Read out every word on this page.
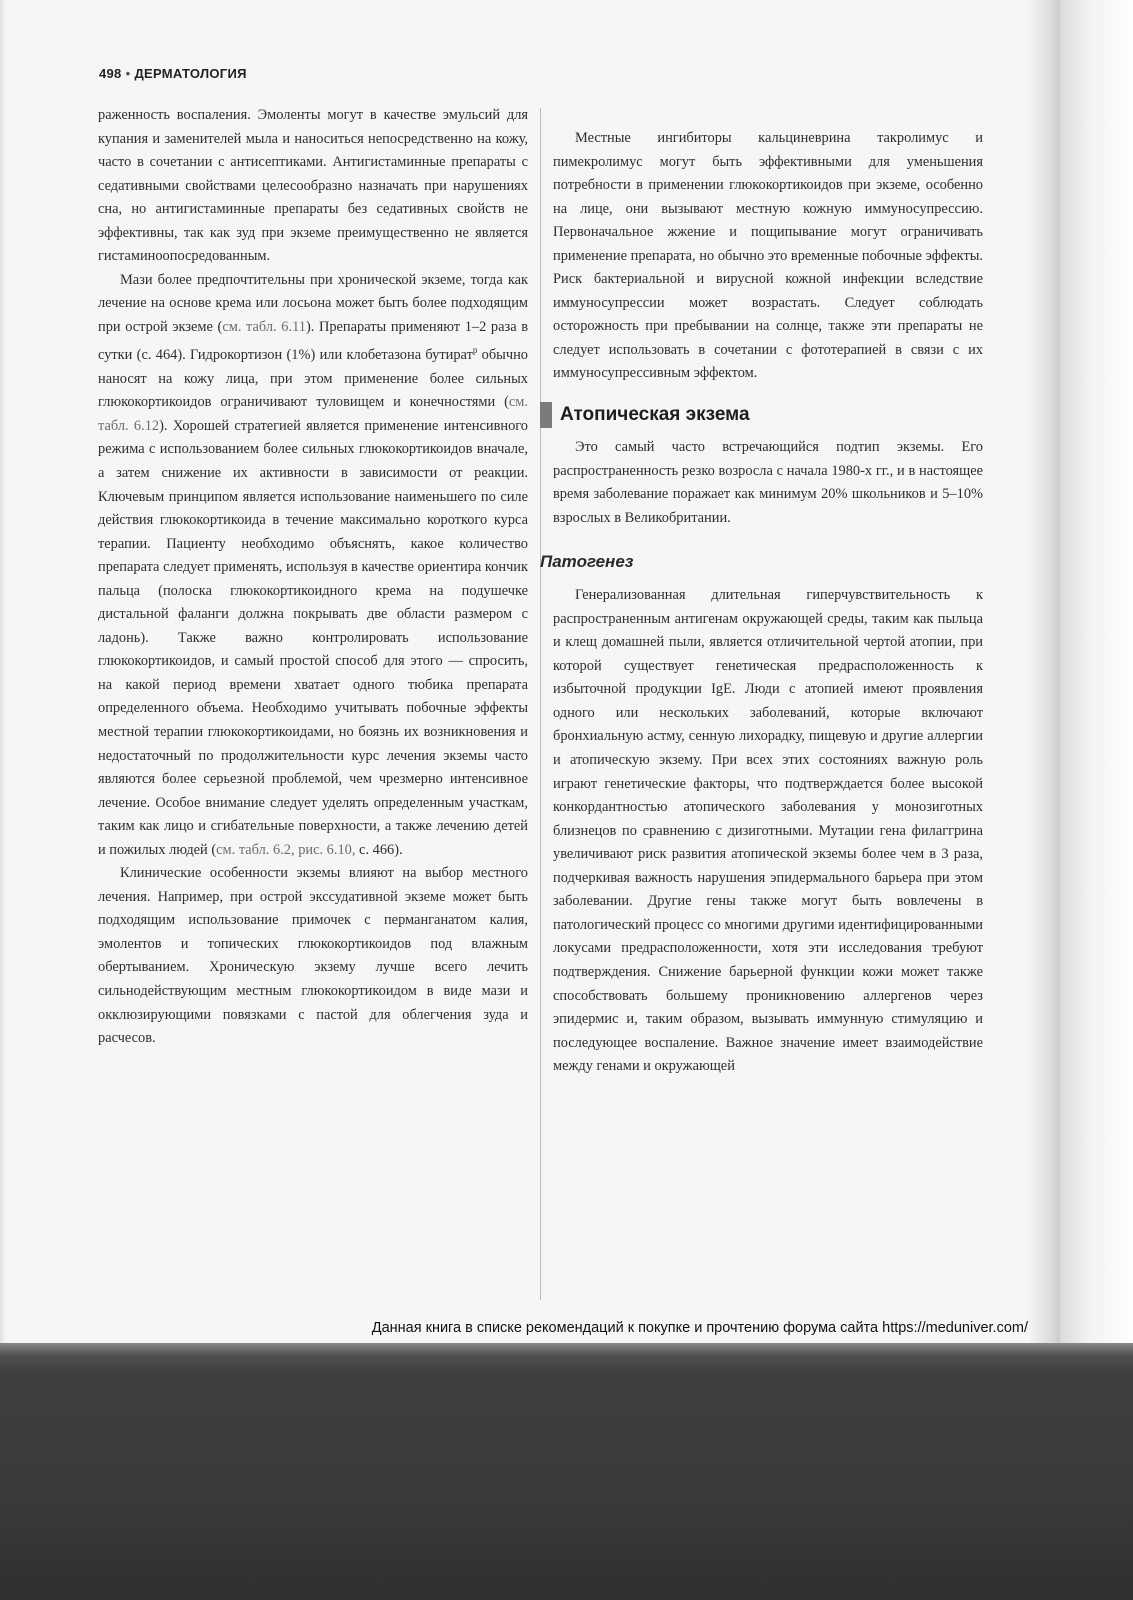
498 • ДЕРМАТОЛОГИЯ

раженность воспаления. Эмоленты могут в качестве эмульсий для купания и заменителей мыла и наноситься непосредственно на кожу, часто в сочетании с антисептиками. Антигистаминные препараты с седативными свойствами целесообразно назначать при нарушениях сна, но антигистаминные препараты без седативных свойств не эффективны, так как зуд при экземе преимущественно не является гистаминоопосредованным.

Мази более предпочтительны при хронической экземе, тогда как лечение на основе крема или лосьона может быть более подходящим при острой экземе (см. табл. 6.11). Препараты применяют 1–2 раза в сутки (с. 464). Гидрокортизон (1%) или клобетазона бутират$^р$ обычно наносят на кожу лица, при этом применение более сильных глюкокортикоидов ограничивают туловищем и конечностями (см. табл. 6.12). Хорошей стратегией является применение интенсивного режима с использованием более сильных глюкокортикоидов вначале, а затем снижение их активности в зависимости от реакции. Ключевым принципом является использование наименьшего по силе действия глюкокортикоида в течение максимально короткого курса терапии. Пациенту необходимо объяснять, какое количество препарата следует применять, используя в качестве ориентира кончик пальца (полоска глюкокортикоидного крема на подушечке дистальной фаланги должна покрывать две области размером с ладонь). Также важно контролировать использование глюкокортикоидов, и самый простой способ для этого — спросить, на какой период времени хватает одного тюбика препарата определенного объема. Необходимо учитывать побочные эффекты местной терапии глюкокортикоидами, но боязнь их возникновения и недостаточный по продолжительности курс лечения экземы часто являются более серьезной проблемой, чем чрезмерно интенсивное лечение. Особое внимание следует уделять определенным участкам, таким как лицо и сгибательные поверхности, а также лечению детей и пожилых людей (см. табл. 6.2, рис. 6.10, с. 466).

Клинические особенности экземы влияют на выбор местного лечения. Например, при острой экссудативной экземе может быть подходящим использование примочек с перманганатом калия, эмолентов и топических глюкокортикоидов под влажным обертыванием. Хроническую экзему лучше всего лечить сильнодействующим местным глюкокортикоидом в виде мази и окклюзирующими повязками с пастой для облегчения зуда и расчесов.

Местные ингибиторы кальциневрина такролимус и пимекролимус могут быть эффективными для уменьшения потребности в применении глюкокортикоидов при экземе, особенно на лице, они вызывают местную кожную иммуносупрессию. Первоначальное жжение и пощипывание могут ограничивать применение препарата, но обычно это временные побочные эффекты. Риск бактериальной и вирусной кожной инфекции вследствие иммуносупрессии может возрастать. Следует соблюдать осторожность при пребывании на солнце, также эти препараты не следует использовать в сочетании с фототерапией в связи с их иммуносупрессивным эффектом.

Атопическая экзема

Это самый часто встречающийся подтип экземы. Его распространенность резко возросла с начала 1980-х гг., и в настоящее время заболевание поражает как минимум 20% школьников и 5–10% взрослых в Великобритании.

Патогенез

Генерализованная длительная гиперчувствительность к распространенным антигенам окружающей среды, таким как пыльца и клещ домашней пыли, является отличительной чертой атопии, при которой существует генетическая предрасположенность к избыточной продукции IgE. Люди с атопией имеют проявления одного или нескольких заболеваний, которые включают бронхиальную астму, сенную лихорадку, пищевую и другие аллергии и атопическую экзему. При всех этих состояниях важную роль играют генетические факторы, что подтверждается более высокой конкордантностью атопического заболевания у монозиготных близнецов по сравнению с дизиготными. Мутации гена филаггрина увеличивают риск развития атопической экземы более чем в 3 раза, подчеркивая важность нарушения эпидермального барьера при этом заболевании. Другие гены также могут быть вовлечены в патологический процесс со многими другими идентифицированными локусами предрасположенности, хотя эти исследования требуют подтверждения. Снижение барьерной функции кожи может также способствовать большему проникновению аллергенов через эпидермис и, таким образом, вызывать иммунную стимуляцию и последующее воспаление. Важное значение имеет взаимодействие между генами и окружающей

Данная книга в списке рекомендаций к покупке и прочтению форума сайта https://meduniver.com/
